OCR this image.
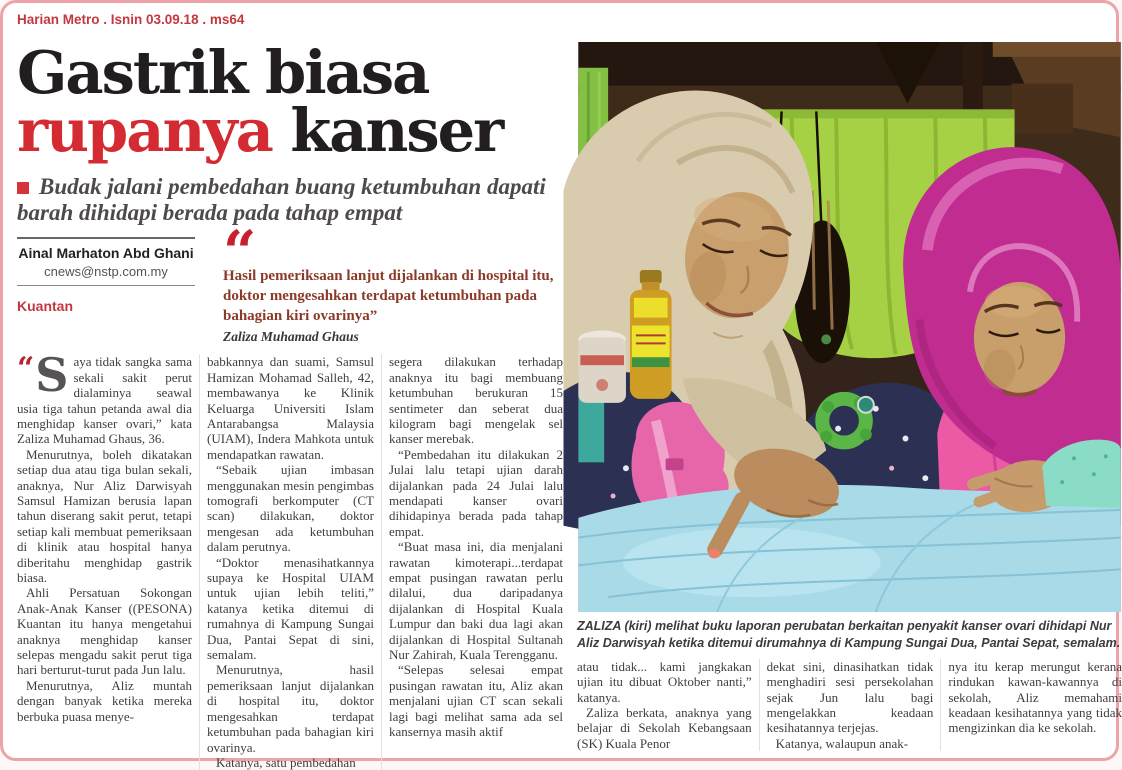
Harian Metro . Isnin 03.09.18 . ms64
Gastrik biasa
rupanya kanser
Budak jalani pembedahan buang ketumbuhan dapati barah dihidapi berada pada tahap empat
Ainal Marhaton Abd Ghani
cnews@nstp.com.my
Kuantan
“
Hasil pemeriksaan lanjut dijalankan di hospital itu, doktor mengesahkan terdapat ketumbuhan pada bahagian kiri ovarinya”
Zaliza Muhamad Ghaus

“ S aya tidak sangka sama sekali sakit perut dialaminya seawal usia tiga tahun petanda awal dia menghidap kanser ovari,” kata Zaliza Muhamad Ghaus, 36.

Menurutnya, boleh dikatakan setiap dua atau tiga bulan sekali, anaknya, Nur Aliz Darwisyah Samsul Hamizan berusia lapan tahun diserang sakit perut, tetapi setiap kali membuat pemeriksaan di klinik atau hospital hanya diberitahu menghidap gastrik biasa.

Ahli Persatuan Sokongan Anak-Anak Kanser ((PESONA) Kuantan itu hanya mengetahui anaknya menghidap kanser selepas mengadu sakit perut tiga hari berturut-turut pada Jun lalu.

Menurutnya, Aliz muntah dengan banyak ketika mereka berbuka puasa menye-

babkannya dan suami, Samsul Hamizan Mohamad Salleh, 42, membawanya ke Klinik Keluarga Universiti Islam Antarabangsa Malaysia (UIAM), Indera Mahkota untuk mendapatkan rawatan.

“Sebaik ujian imbasan menggunakan mesin pengimbas tomografi berkomputer (CT scan) dilakukan, doktor mengesan ada ketumbuhan dalam perutnya.

“Doktor menasihatkannya supaya ke Hospital UIAM untuk ujian lebih teliti,” katanya ketika ditemui di rumahnya di Kampung Sungai Dua, Pantai Sepat di sini, semalam.

Menurutnya, hasil pemeriksaan lanjut dijalankan di hospital itu, doktor mengesahkan terdapat ketumbuhan pada bahagian kiri ovarinya.

Katanya, satu pembedahan

segera dilakukan terhadap anaknya itu bagi membuang ketumbuhan berukuran 15 sentimeter dan seberat dua kilogram bagi mengelak sel kanser merebak.

“Pembedahan itu dilakukan 2 Julai lalu tetapi ujian darah dijalankan pada 24 Julai lalu mendapati kanser ovari dihidapinya berada pada tahap empat.

“Buat masa ini, dia menjalani rawatan kimoterapi...terdapat empat pusingan rawatan perlu dilalui, dua daripadanya dijalankan di Hospital Kuala Lumpur dan baki dua lagi akan dijalankan di Hospital Sultanah Nur Zahirah, Kuala Terengganu.

“Selepas selesai empat pusingan rawatan itu, Aliz akan menjalani ujian CT scan sekali lagi bagi melihat sama ada sel kansernya masih aktif

ZALIZA (kiri) melihat buku laporan perubatan berkaitan penyakit kanser ovari dihidapi Nur Aliz Darwisyah ketika ditemui dirumahnya di Kampung Sungai Dua, Pantai Sepat, semalam.

atau tidak... kami jangkakan ujian itu dibuat Oktober nanti,” katanya.

Zaliza berkata, anaknya yang belajar di Sekolah Kebangsaan (SK) Kuala Penor

dekat sini, dinasihatkan tidak menghadiri sesi persekolahan sejak Jun lalu bagi mengelakkan keadaan kesihatannya terjejas.

Katanya, walaupun anak-

nya itu kerap merungut kerana rindukan kawan-kawannya di sekolah, Aliz memahami keadaan kesihatannya yang tidak mengizinkan dia ke sekolah.
